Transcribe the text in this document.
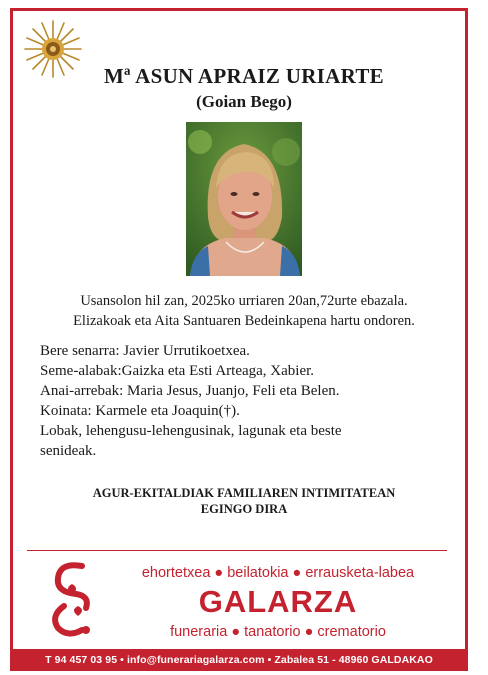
Mª ASUN APRAIZ URIARTE
(Goian Bego)
Usansolon hil zan, 2025ko urriaren 20an,72urte ebazala.
Elizakoak eta Aita Santuaren Bedeinkapena hartu ondoren.
Bere senarra: Javier Urrutikoetxea.
Seme-alabak:Gaizka eta Esti Arteaga, Xabier.
Anai-arrebak: Maria Jesus, Juanjo, Feli eta Belen.
Koinata: Karmele eta Joaquin(†).
Lobak, lehengusu-lehengusinak, lagunak eta beste
senideak.
AGUR-EKITALDIAK FAMILIAREN INTIMITATEAN
EGINGO DIRA
ehortetxea ● beilatokia ● errausketa-labea
GALARZA
funeraria ● tanatorio ● crematorio
T 94 457 03 95 • info@funerariagalarza.com • Zabalea 51 - 48960 GALDAKAO
